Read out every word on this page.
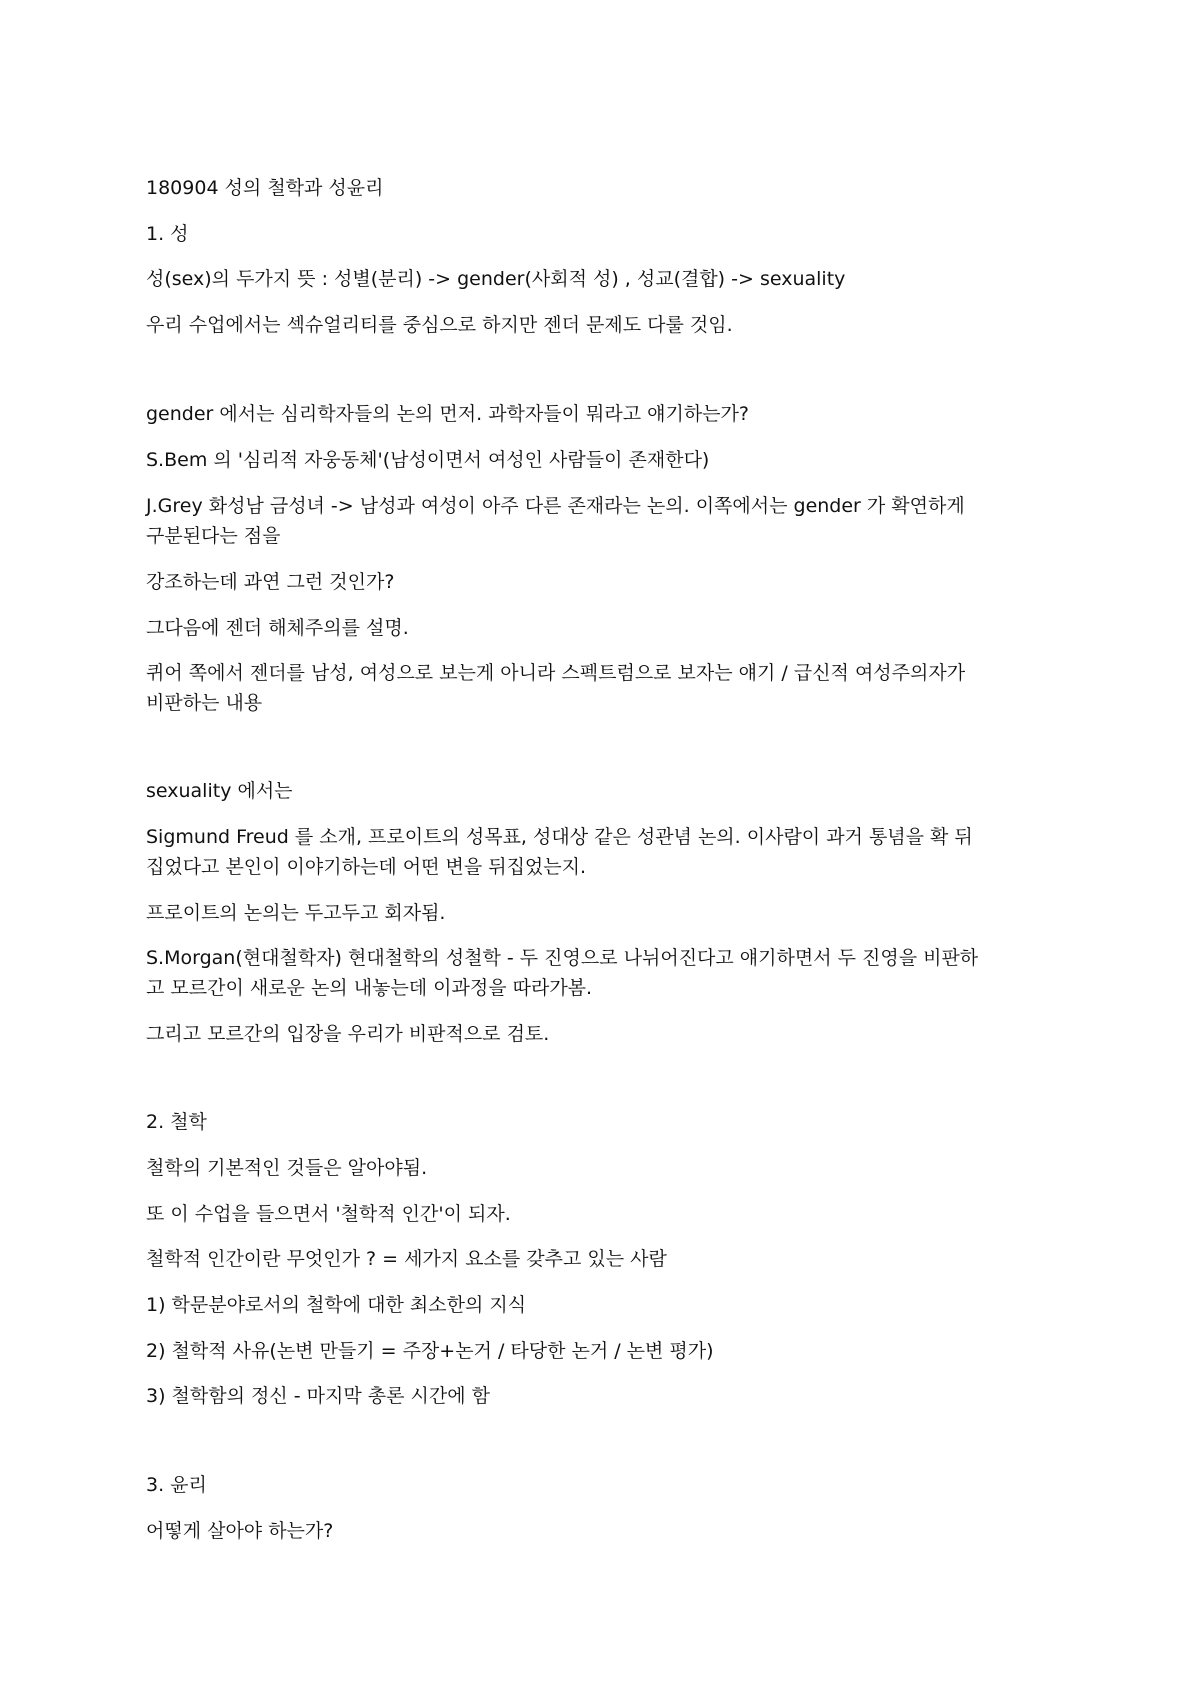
180904 성의 철학과 성윤리

1. 성

성(sex)의 두가지 뜻 : 성별(분리) -> gender(사회적 성) , 성교(결합) -> sexuality

우리 수업에서는 섹슈얼리티를 중심으로 하지만 젠더 문제도 다룰 것임.

gender 에서는 심리학자들의 논의 먼저. 과학자들이 뭐라고 얘기하는가?

S.Bem 의 '심리적 자웅동체'(남성이면서 여성인 사람들이 존재한다)

J.Grey 화성남 금성녀 -> 남성과 여성이 아주 다른 존재라는 논의. 이쪽에서는 gender 가 확연하게

구분된다는 점을

강조하는데 과연 그런 것인가?

그다음에 젠더 해체주의를 설명.

퀴어 쪽에서 젠더를 남성, 여성으로 보는게 아니라 스펙트럼으로 보자는 얘기 / 급신적 여성주의자가

비판하는 내용

sexuality 에서는

Sigmund Freud 를 소개, 프로이트의 성목표, 성대상 같은 성관념 논의. 이사람이 과거 통념을 확 뒤

집었다고 본인이 이야기하는데 어떤 변을 뒤집었는지.

프로이트의 논의는 두고두고 회자됨.

S.Morgan(현대철학자) 현대철학의 성철학 - 두 진영으로 나뉘어진다고 얘기하면서 두 진영을 비판하

고 모르간이 새로운 논의 내놓는데 이과정을 따라가봄.

그리고 모르간의 입장을 우리가 비판적으로 검토.

2. 철학

철학의 기본적인 것들은 알아야됨.

또 이 수업을 들으면서 '철학적 인간'이 되자.

철학적 인간이란 무엇인가 ? = 세가지 요소를 갖추고 있는 사람

1) 학문분야로서의 철학에 대한 최소한의 지식

2) 철학적 사유(논변 만들기 = 주장+논거 / 타당한 논거 / 논변 평가)

3) 철학함의 정신 - 마지막 총론 시간에 함

3. 윤리

어떻게 살아야 하는가?
